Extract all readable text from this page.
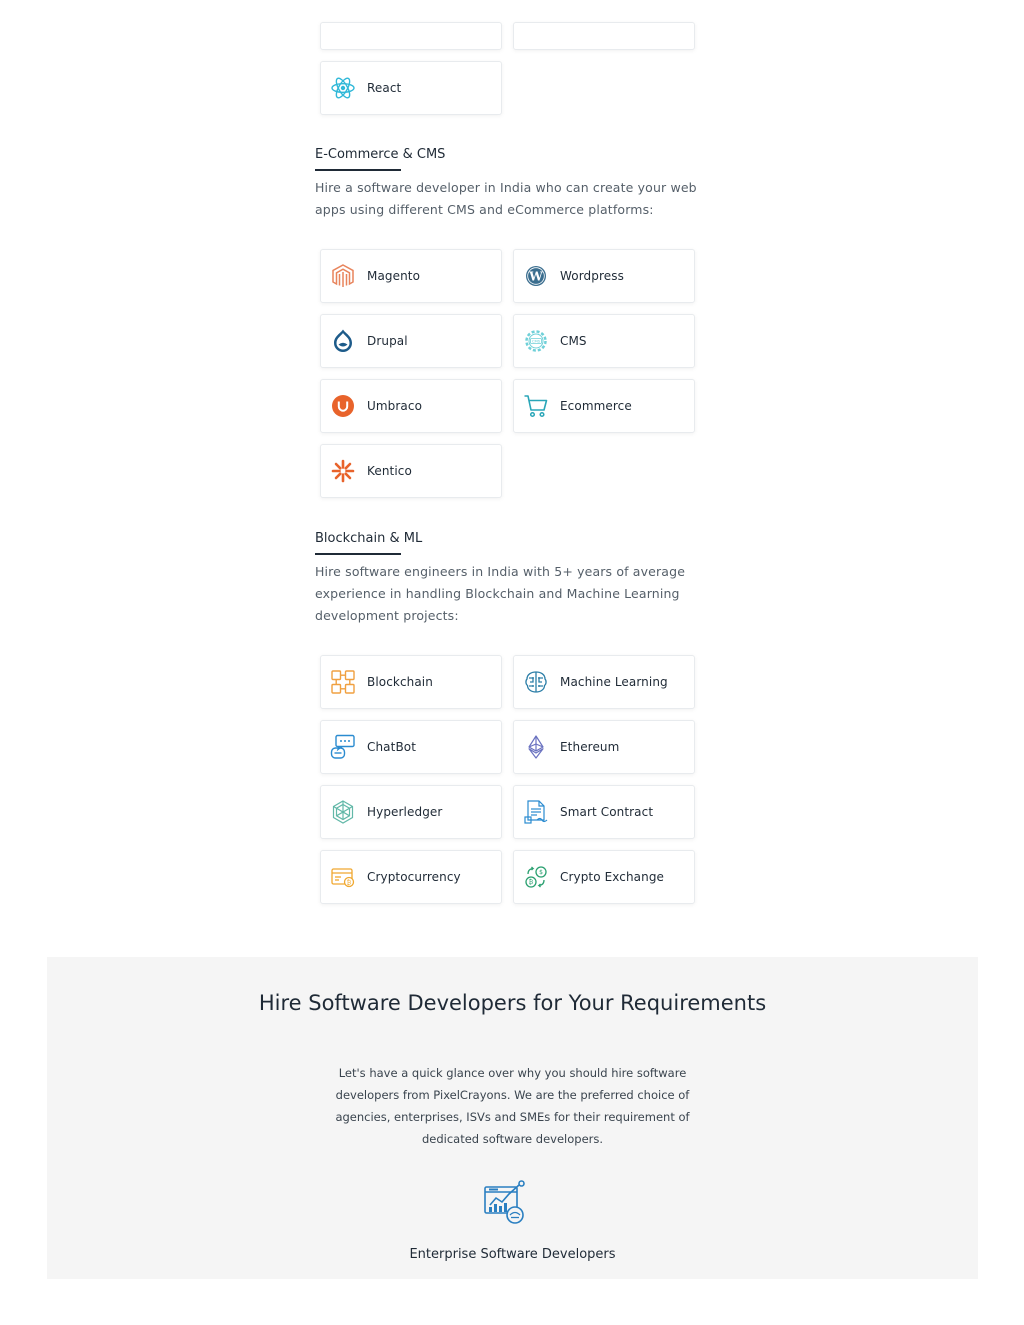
React
E-Commerce & CMS
Hire a software developer in India who can create your web apps using different CMS and eCommerce platforms:
Magento	W Wordpress
Drupal	CMS CMS
Umbraco	Ecommerce
Kentico
Blockchain & ML
Hire software engineers in India with 5+ years of average experience in handling Blockchain and Machine Learning development projects:
Blockchain	Machine Learning
ChatBot	Ethereum
Hyperledger	Smart Contract
₿ Cryptocurrency	₿
$ Crypto Exchange
Hire Software Developers for Your Requirements

Let's have a quick glance over why you should hire software developers from PixelCrayons. We are the preferred choice of agencies, enterprises, ISVs and SMEs for their requirement of dedicated software developers.

Enterprise Software Developers
